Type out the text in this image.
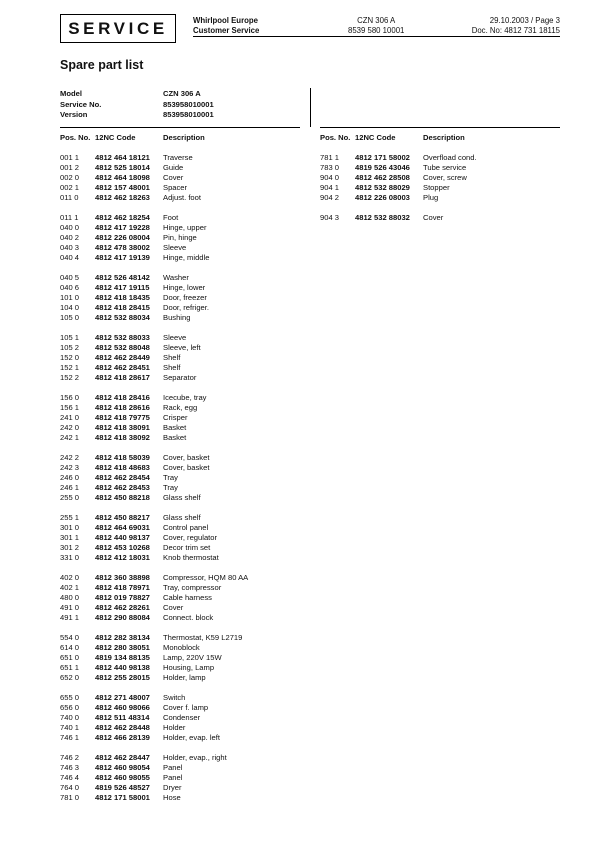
SERVICE	Whirlpool Europe
Customer Service
CZN 306 A
8539 580 10001
29.10.2003 / Page 3
Doc. No: 4812 731 18115
Spare part list
Model	CZN 306 A
Service No.	853958010001
Version	853958010001
Pos. No. 12NC Code	Description
001 1	4812 464 18121	Traverse
001 2	4812 525 18014	Guide
002 0	4812 464 18098	Cover
002 1	4812 157 48001	Spacer
011 0	4812 462 18263	Adjust. foot
011 1	4812 462 18254	Foot
040 0	4812 417 19228	Hinge, upper
040 2	4812 226 08004	Pin, hinge
040 3	4812 478 38002	Sleeve
040 4	4812 417 19139	Hinge, middle
040 5	4812 526 48142	Washer
040 6	4812 417 19115	Hinge, lower
101 0	4812 418 18435	Door, freezer
104 0	4812 418 28415	Door, refriger.
105 0	4812 532 88034	Bushing
105 1	4812 532 88033	Sleeve
105 2	4812 532 88048	Sleeve, left
152 0	4812 462 28449	Shelf
152 1	4812 462 28451	Shelf
152 2	4812 418 28617	Separator
156 0	4812 418 28416	Icecube, tray
156 1	4812 418 28616	Rack, egg
241 0	4812 418 79775	Crisper
242 0	4812 418 38091	Basket
242 1	4812 418 38092	Basket
242 2	4812 418 58039	Cover, basket
242 3	4812 418 48683	Cover, basket
246 0	4812 462 28454	Tray
246 1	4812 462 28453	Tray
255 0	4812 450 88218	Glass shelf
255 1	4812 450 88217	Glass shelf
301 0	4812 464 69031	Control panel
301 1	4812 440 98137	Cover, regulator
301 2	4812 453 10268	Decor trim set
331 0	4812 412 18031	Knob thermostat
402 0	4812 360 38898	Compressor, HQM 80 AA
402 1	4812 418 78971	Tray, compressor
480 0	4812 019 78827	Cable harness
491 0	4812 462 28261	Cover
491 1	4812 290 88084	Connect. block
554 0	4812 282 38134	Thermostat, K59 L2719
614 0	4812 280 38051	Monoblock
651 0	4819 134 88135	Lamp, 220V 15W
651 1	4812 440 98138	Housing, Lamp
652 0	4812 255 28015	Holder, lamp
655 0	4812 271 48007	Switch
656 0	4812 460 98066	Cover f. lamp
740 0	4812 511 48314	Condenser
740 1	4812 462 28448	Holder
746 1	4812 466 28139	Holder, evap. left
746 2	4812 462 28447	Holder, evap., right
746 3	4812 460 98054	Panel
746 4	4812 460 98055	Panel
764 0	4819 526 48527	Dryer
781 0	4812 171 58001	Hose
Pos. No. 12NC Code	Description
781 1	4812 171 58002	Overfload cond.
783 0	4819 526 43046	Tube service
904 0	4812 462 28508	Cover, screw
904 1	4812 532 88029	Stopper
904 2	4812 226 08003	Plug
904 3	4812 532 88032	Cover
